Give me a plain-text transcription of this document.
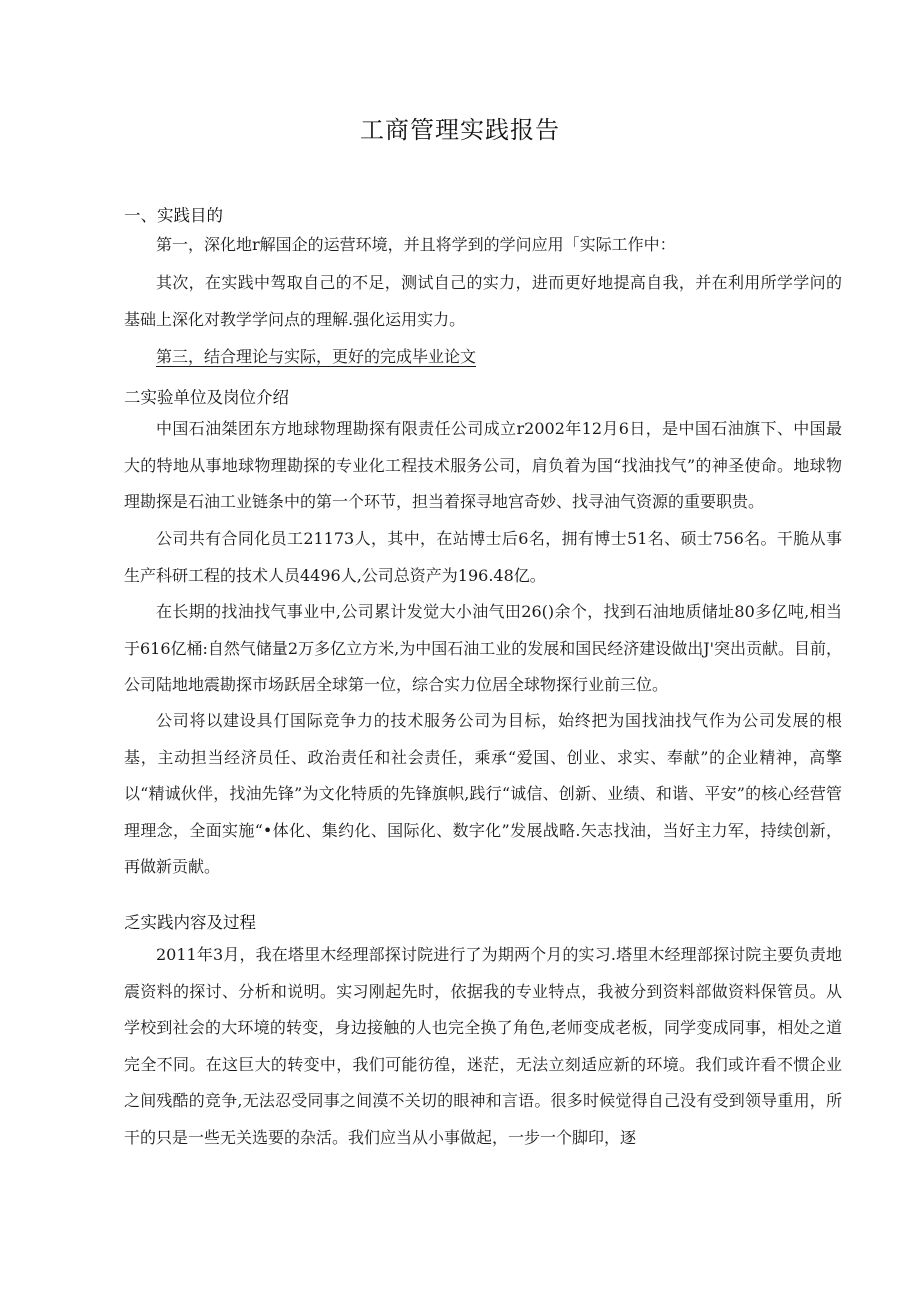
工商管理实践报告
一、实践目的

第一，深化地r解国企的运营环境，并且将学到的学问应用「实际工作中：

其次，在实践中驾取自己的不足，测试自己的实力，进而更好地提高自我，并在利用所学学问的基础上深化对教学学问点的理解.强化运用实力。

第三，结合理论与实际，更好的完成毕业论文

二实验单位及岗位介绍

中国石油桀团东方地球物理勘探有限责任公司成立r2002年12月6日，是中国石油旗下、中国最大的特地从事地球物理勘探的专业化工程技术服务公司，肩负着为国“找油找气”的神圣使命。地球物理勘探是石油工业链条中的第一个环节，担当着探寻地宫奇妙、找寻油气资源的重要职贵。

公司共有合同化员工21173人，其中，在站博士后6名，拥有博士51名、硕士756名。干脆从事生产科研工程的技术人员4496人,公司总资产为196.48亿。

在长期的找油找气事业中,公司累计发觉大小油气田26()余个，找到石油地质储址80多亿吨,相当于616亿桶:自然气储量2万多亿立方米,为中国石油工业的发展和国民经济建设做出J'突出贡献。目前，公司陆地地震勘探市场跃居全球第一位，综合实力位居全球物探行业前三位。

公司将以建设具仃国际竞争力的技术服务公司为目标，始终把为国找油找气作为公司发展的根基，主动担当经济员任、政治责任和社会责任，乘承“爱国、创业、求实、奉献”的企业精神，高擎以“精诚伙伴，找油先锋”为文化特质的先锋旗帜,践行“诚信、创新、业绩、和谐、平安”的核心经营管理理念，全面实施“•体化、集约化、国际化、数字化”发展战略.矢志找油，当好主力军，持续创新，再做新贡献。

乏实践内容及过程

2011年3月，我在塔里木经理部探讨院进行了为期两个月的实习.塔里木经理部探讨院主要负责地震资料的探讨、分析和说明。实习刚起先时，依据我的专业特点，我被分到资料部做资料保管员。从学校到社会的大环境的转变，身边接触的人也完全换了角色,老师变成老板，同学变成同事，相处之道完全不同。在这巨大的转变中，我们可能彷徨，迷茫，无法立刻适应新的环境。我们或许看不惯企业之间残酷的竞争,无法忍受同事之间漠不关切的眼神和言语。很多时候觉得自己没有受到领导重用，所干的只是一些无关选要的杂活。我们应当从小事做起，一步一个脚印，逐
